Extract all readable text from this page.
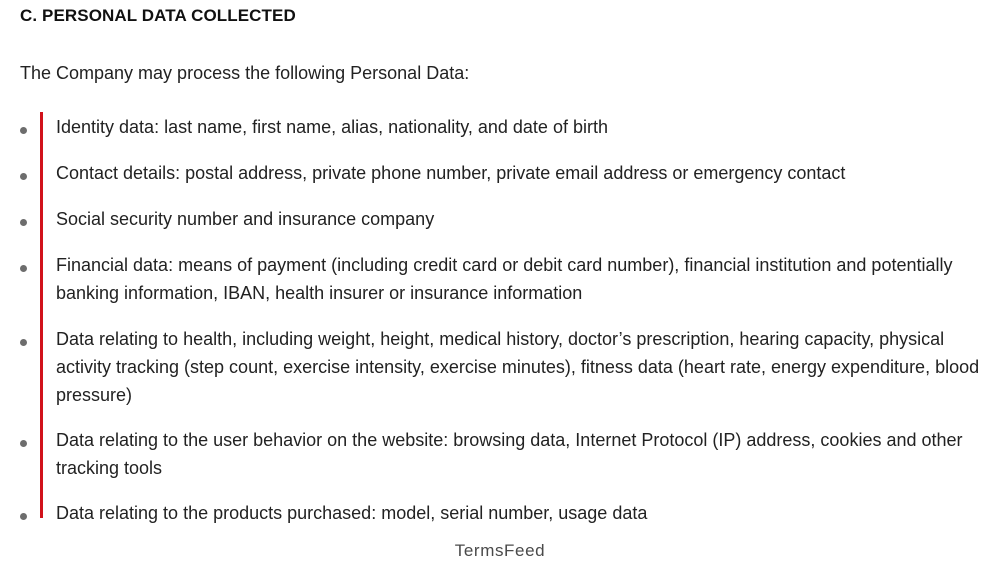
C. PERSONAL DATA COLLECTED
The Company may process the following Personal Data:
Identity data: last name, first name, alias, nationality, and date of birth
Contact details: postal address, private phone number, private email address or emergency contact
Social security number and insurance company
Financial data: means of payment (including credit card or debit card number), financial institution and potentially banking information, IBAN, health insurer or insurance information
Data relating to health, including weight, height, medical history, doctor’s prescription, hearing capacity, physical activity tracking (step count, exercise intensity, exercise minutes), fitness data (heart rate, energy expenditure, blood pressure)
Data relating to the user behavior on the website: browsing data, Internet Protocol (IP) address, cookies and other tracking tools
Data relating to the products purchased: model, serial number, usage data
TermsFeed
